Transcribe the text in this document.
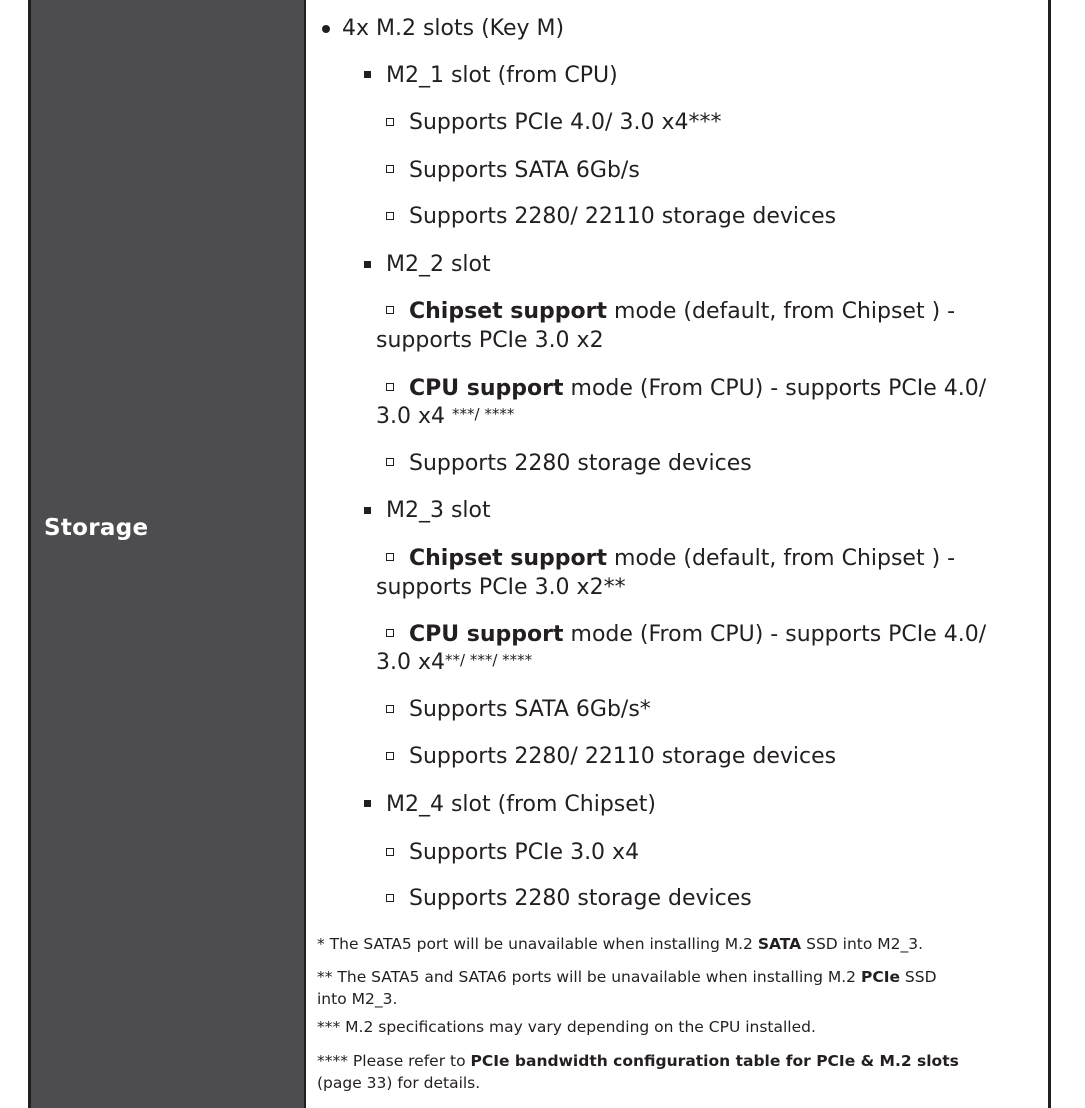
Storage
4x M.2 slots (Key M)
M2_1 slot (from CPU)
Supports PCIe 4.0/ 3.0 x4***
Supports SATA 6Gb/s
Supports 2280/ 22110 storage devices
M2_2 slot
Chipset support mode (default, from Chipset ) -
supports PCIe 3.0 x2
CPU support mode (From CPU) - supports PCIe 4.0/
3.0 x4 ***/ ****
Supports 2280 storage devices
M2_3 slot
Chipset support mode (default, from Chipset ) -
supports PCIe 3.0 x2**
CPU support mode (From CPU) - supports PCIe 4.0/
3.0 x4**/ ***/ ****
Supports SATA 6Gb/s*
Supports 2280/ 22110 storage devices
M2_4 slot (from Chipset)
Supports PCIe 3.0 x4
Supports 2280 storage devices
* The SATA5 port will be unavailable when installing M.2 SATA SSD into M2_3.
** The SATA5 and SATA6 ports will be unavailable when installing M.2 PCIe SSD
into M2_3.
*** M.2 specifications may vary depending on the CPU installed.
**** Please refer to PCIe bandwidth configuration table for PCIe & M.2 slots
(page 33) for details.
